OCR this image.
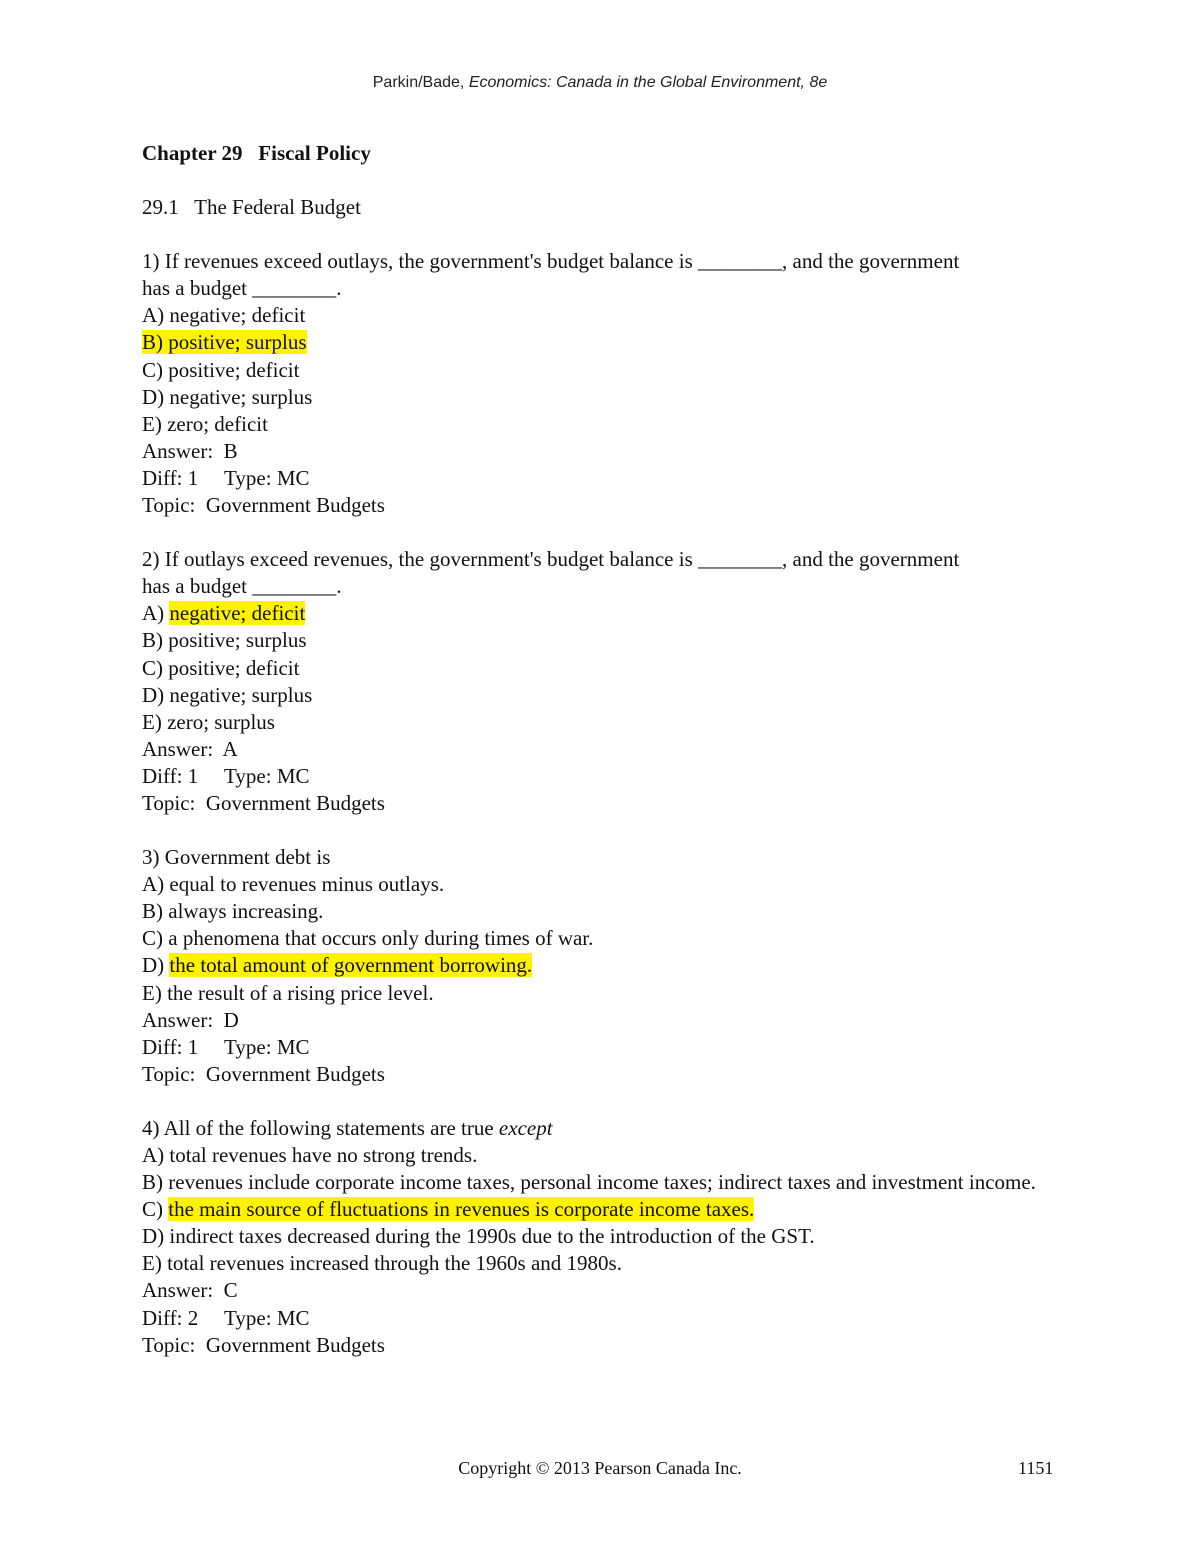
Parkin/Bade, Economics: Canada in the Global Environment, 8e
Chapter 29   Fiscal Policy
29.1   The Federal Budget
1) If revenues exceed outlays, the government's budget balance is ________, and the government
has a budget ________.
A) negative; deficit
B) positive; surplus
C) positive; deficit
D) negative; surplus
E) zero; deficit
Answer:  B
Diff: 1     Type: MC
Topic:  Government Budgets
2) If outlays exceed revenues, the government's budget balance is ________, and the government
has a budget ________.
A) negative; deficit
B) positive; surplus
C) positive; deficit
D) negative; surplus
E) zero; surplus
Answer:  A
Diff: 1     Type: MC
Topic:  Government Budgets
3) Government debt is
A) equal to revenues minus outlays.
B) always increasing.
C) a phenomena that occurs only during times of war.
D) the total amount of government borrowing.
E) the result of a rising price level.
Answer:  D
Diff: 1     Type: MC
Topic:  Government Budgets
4) All of the following statements are true except
A) total revenues have no strong trends.
B) revenues include corporate income taxes, personal income taxes; indirect taxes and investment income.
C) the main source of fluctuations in revenues is corporate income taxes.
D) indirect taxes decreased during the 1990s due to the introduction of the GST.
E) total revenues increased through the 1960s and 1980s.
Answer:  C
Diff: 2     Type: MC
Topic:  Government Budgets
Copyright © 2013 Pearson Canada Inc.	1151
